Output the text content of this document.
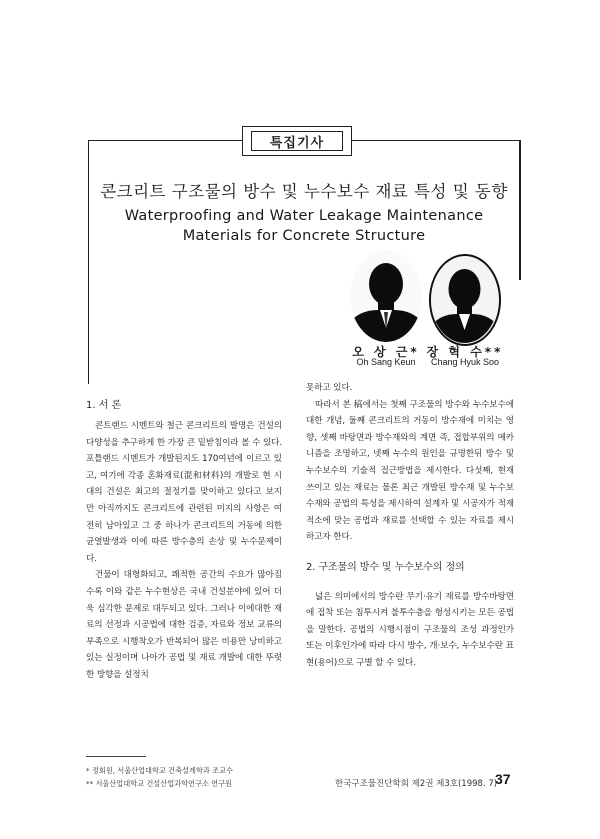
특집기사
콘크리트 구조물의 방수 및 누수보수 재료 특성 및 동향
Waterproofing and Water Leakage Maintenance
Materials for Concrete Structure
오 상 근*
Oh Sang Keun
장 혁 수**
Chang Hyuk Soo
1. 서 론

콘트랜드 시멘트와 철근 콘크리트의 발명은 건설의 다양성을 추구하게 한 가장 큰 밑받침이라 볼 수 있다. 포틀랜드 시멘트가 개발된지도 170여년에 이르고 있고, 여기에 각종 혼화재료(混和材料)의 개발로 현 시대의 건설은 최고의 절정기를 맞이하고 있다고 보지만 아직까지도 콘크리트에 관련된 미지의 사항은 여전히 남아있고 그 중 하나가 콘크리트의 거동에 의한 균열발생과 이에 따른 방수층의 손상 및 누수문제이다.

건물이 대형화되고, 쾌적한 공간의 수요가 많아짐수록 이와 같은 누수현상은 국내 건설분야에 있어 더욱 심각한 문제로 대두되고 있다. 그러나 이에대한 재료의 선정과 시공법에 대한 검증, 자료와 정보 교류의 부족으로 시행착오가 반복되어 많은 비용만 낭비하고 있는 실정이며 나아가 공법 및 재료 개발에 대한 뚜렷한 방향을 설정치

못하고 있다.

따라서 본 稿에서는 첫째 구조물의 방수와 누수보수에 대한 개념, 둘째 콘크리트의 거동이 방수재에 미치는 영향, 셋째 바탕면과 방수재와의 계면 즉, 접합부위의 메카니즘을 조명하고, 넷째 누수의 원인을 규명한뒤 방수 및 누수보수의 기술적 접근방법을 제시한다. 다섯째, 현재 쓰이고 있는 재료는 물론 최근 개발된 방수재 및 누수보수재와 공법의 특성을 제시하여 설계자 및 시공자가 적재 적소에 맞는 공법과 재료를 선택할 수 있는 자료를 제시하고자 한다.

2. 구조물의 방수 및 누수보수의 정의

넓은 의미에서의 방수란 무기·유기 재료를 방수바탕면에 접착 또는 침투시켜 불투수층을 형성시키는 모든 공법을 말한다. 공법의 시행시점이 구조물의 조성 과정인가 또는 이후인가에 따라 다시 방수, 개·보수, 누수보수란 표현(용어)으로 구별 할 수 있다.

* 정회원, 서울산업대학교 건축설계학과 조교수
** 서울산업대학교 건설산업과학연구소 연구원	한국구조물진단학회 제2권 제3호(1998. 7)
37
